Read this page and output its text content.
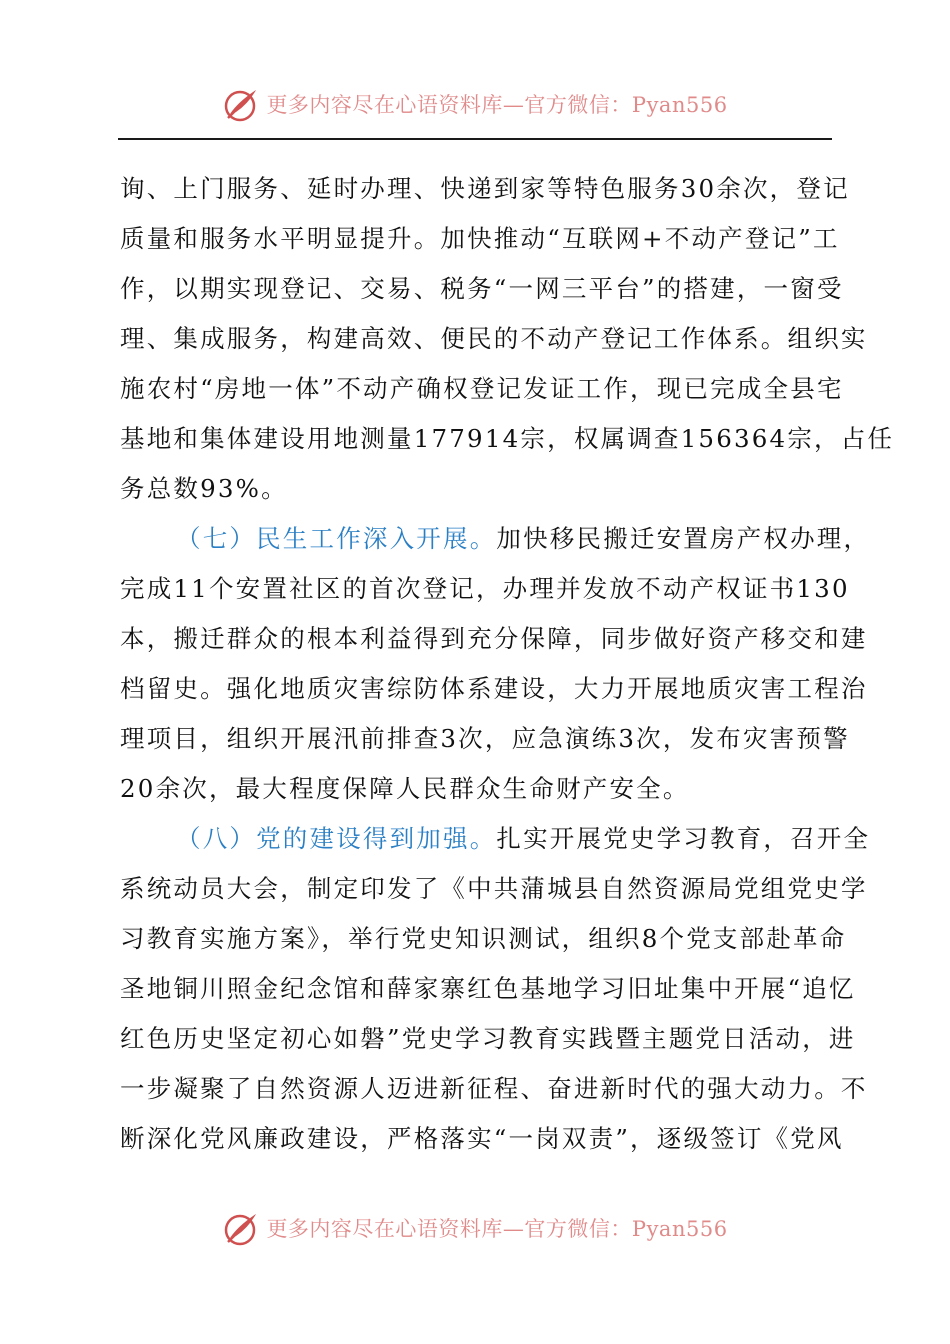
更多内容尽在心语资料库—官方微信：Pyan556
询、上门服务、延时办理、快递到家等特色服务30余次，登记
质量和服务水平明显提升。加快推动“互联网+不动产登记”工
作，以期实现登记、交易、税务“一网三平台”的搭建，一窗受
理、集成服务，构建高效、便民的不动产登记工作体系。组织实
施农村“房地一体”不动产确权登记发证工作，现已完成全县宅
基地和集体建设用地测量177914宗，权属调查156364宗，占任
务总数93%。
（七）民生工作深入开展。加快移民搬迁安置房产权办理，
完成11个安置社区的首次登记，办理并发放不动产权证书130
本，搬迁群众的根本利益得到充分保障，同步做好资产移交和建
档留史。强化地质灾害综防体系建设，大力开展地质灾害工程治
理项目，组织开展汛前排查3次，应急演练3次，发布灾害预警
20余次，最大程度保障人民群众生命财产安全。
（八）党的建设得到加强。扎实开展党史学习教育，召开全
系统动员大会，制定印发了《中共蒲城县自然资源局党组党史学
习教育实施方案》，举行党史知识测试，组织8个党支部赴革命
圣地铜川照金纪念馆和薛家寨红色基地学习旧址集中开展“追忆
红色历史坚定初心如磐”党史学习教育实践暨主题党日活动，进
一步凝聚了自然资源人迈进新征程、奋进新时代的强大动力。不
断深化党风廉政建设，严格落实“一岗双责”，逐级签订《党风
更多内容尽在心语资料库—官方微信：Pyan556
